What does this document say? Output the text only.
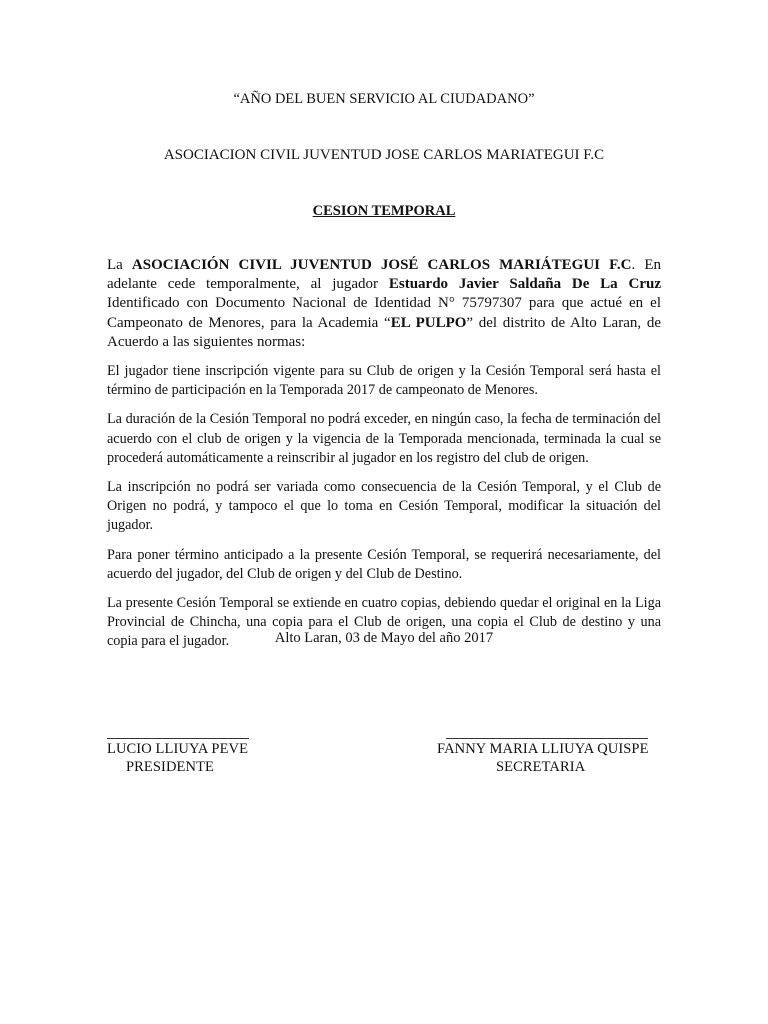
“AÑO DEL BUEN SERVICIO AL CIUDADANO”
ASOCIACION CIVIL JUVENTUD JOSE CARLOS MARIATEGUI F.C
CESION TEMPORAL

La ASOCIACIÓN CIVIL JUVENTUD JOSÉ CARLOS MARIÁTEGUI F.C. En adelante cede temporalmente, al jugador Estuardo Javier Saldaña De La Cruz Identificado con Documento Nacional de Identidad N° 75797307 para que actué en el Campeonato de Menores, para la Academia “EL PULPO” del distrito de Alto Laran, de Acuerdo a las siguientes normas:

El jugador tiene inscripción vigente para su Club de origen y la Cesión Temporal será hasta el término de participación en la Temporada 2017 de campeonato de Menores.

La duración de la Cesión Temporal no podrá exceder, en ningún caso, la fecha de terminación del acuerdo con el club de origen y la vigencia de la Temporada mencionada, terminada la cual se procederá automáticamente a reinscribir al jugador en los registro del club de origen.

La inscripción no podrá ser variada como consecuencia de la Cesión Temporal, y el Club de Origen no podrá, y tampoco el que lo toma en Cesión Temporal, modificar la situación del jugador.

Para poner término anticipado a la presente Cesión Temporal, se requerirá necesariamente, del acuerdo del jugador, del Club de origen y del Club de Destino.

La presente Cesión Temporal se extiende en cuatro copias, debiendo quedar el original en la Liga Provincial de Chincha, una copia para el Club de origen, una copia el Club de destino y una copia para el jugador.	Alto Laran, 03 de Mayo del año 2017
LUCIO LLIUYA PEVE
PRESIDENTE
FANNY MARIA LLIUYA QUISPE
SECRETARIA
